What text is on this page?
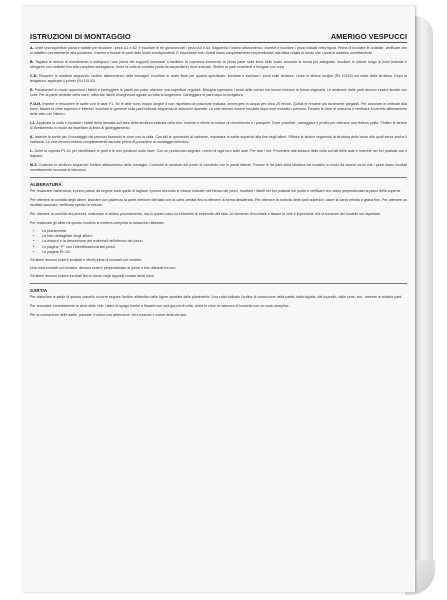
ISTRUZIONI DI MONTAGGIO	AMERIGO VESPUCCI

A- Unire una superficie piana e stabile per incollare i pezzi A1 e A2, e incollare le tre giunzioni dei i pezzi A3 e A4. Seguendo l'ordine alfanumerico, inserire e incollare i pezzi indicati nella figura. Prima di incollare le ordinate, verificare che si adattino correttamente alla posizione. Inserire e fissare le parti dello scafo corrispondenti. E importante che i listelli siano completamente perpendicolari alla falsa chiglia in modo che i ponti si adattino correttamente.

B- Tagliare le strisce di rivestimento e sottoporvi l'uno prima dei supporti necessari a facilitare la copertura inserendo la prima parte sulla linea dello scafo secondo la forma più adeguata. Incollare le strisce lungo le linee indicate e stringerle con mollette fino alla completa asciugatura. Unire la colla al contatto (colla da carpentiere) dove indicato. Sfoltire le parti eccedenti e levigare con cura.

C-D- Ricoprire le strutture seguendo l'ordine alfanumerico delle immagini. Incollare le coste fisse per quanto specificato. Montare e incollare i ponti sulle strutture. Unire le strisce lunghe (R4 10140) sul resto della struttura. Dopo la levigatura, applicare il primer (R4 10142).

E- Posizionare in modo opportuno i listelli e carteggiare le pareti per poter ottenere una superficie regolare. Bisogna sgrossare i bordi delle cornici ma senza rovinare la forma originaria. Le anatomie delle parti devono essere isolate con cura. Per la parte centrale della nave, utilizzare listelli di larghezza uguale su tutta la lunghezza. Carteggiare le parti dopo la levigatura.

F-G-H- Inserire e rimuovere le sartie con le aste F1. Se le aste sono troppo lunghe o non rispettano la posizione indicata, immergere in acqua per circa 20 minuti. Quindi le rendere più facilmente piegabili. Per ancorare le ordinate alla nave, fissare le cime superiori e inferiori. Incollare le gomene sulle parti indicate seguendo le istruzioni riportate. Le vele devono essere incollate dopo aver montato i pennoni. Fissare le cime di manovra e verificare il corretto allineamento delle vele con l'albero.

I-J- Applicare la colla e incollare i listelli della fiancata sull'area della struttura indicata nella foto. Inserire e rifinire le strisce di rivestimento e i parapetti. Dove possibile, carteggiare il profilo per ottenere una finitura pulita. Sfoltire le strisce di rivestimento in modo da rispettare la linea di galleggiamento.

K- Inserire le sartie per il montaggio dei pennoni fissando le cime con la colla. Con tali le operazioni di sartiame, impostare le sartie superiori alla fine degli alberi. Rifinire le strisce seguendo la struttura delle lance alle quali serve anche il sartiame. Le vele devono essere completamente asciutte prima di procedere al montaggio definitivo.

L- Unire la coperta PL-01 per identificare le parti e le loro posizioni sulla nave. Con un punteruolo segnare i centri di ogni foro sulle aste. Per fare i fori: Procedere alla stesura della colla sui lati delle aste e inserirle nei fori praticati con il trapano.

M-Z- Costruire le strutture seguendo l'ordine alfanumerico delle immagini. Costruire le strutture del ponte di comando con le pareti laterali. Fissare le tre parti della struttura nel modello in modo da essere sicuri che i pezzi siano incollati correttamente secondo le istruzioni.

ALBERATURA

Per realizzare l'alberatura, il primo passo da seguire sarà quello di tagliare il pezzo secondo le misure indicate nell'elenco dei pezzi. Incollare i listelli nei fori praticati nel ponte e verificare che siano perpendicolari al piano della coperta.

Per ottenere la conicità degli alberi, lavorare con pazienza la parte inferiore dell'asta con la carta vetrata fino a ottenere la forma desiderata. Per ottenere la conicità delle parti superiori, usare la carta vetrata a grana fine. Per ottenere un risultato accurato, verificare spesso le misure.

Per ottenere la conicità dei pennoni, realizzare lo stesso procedimento, ma in questo caso su entrambe le estremità dell'asta. Al momento di incollare e fissare le vele è importante che la funzione del modello sia rispettata.

Per realizzare gli alberi di questo modello si metterà completa la dotazione utilizzare:

• Le planimetrie.
• Le foto dettagliate degli alberi.
• La misura e la descrizione dei materiali nell'elenco dei pezzi.
• Le pagine "P" con l'identificazione dei pezzi.
• Le pagine PL-01.

Gli alberi devono essere smaltati e rifiniti prima di montarli sul modello.

Una volta montati sul modello, devono essere perpendicolari al ponte e ben allineati tra loro.

Gli alberi devono essere incollati fino in fondo negli appositi incassi della nave.

SARTIA

Per elaborare le sartie di questo vascello occorre seguire l'ordine alfabetico delle figure riportate dalle planimetrie. Una volta indicato l'ordine di costruzione della sartia, dalla bigotta, dal bozzello, dalle cime, ecc., inserire le relative parti.

Per annodare correttamente le cime delle vele, usare lo spago fornito e fissarle con una goccia di colla. Unire le cime di manovra al bozzello con un nodo semplice.

Per la colorazione delle sartie, passare il colore con attenzione, ben curando il colore della vernice.
